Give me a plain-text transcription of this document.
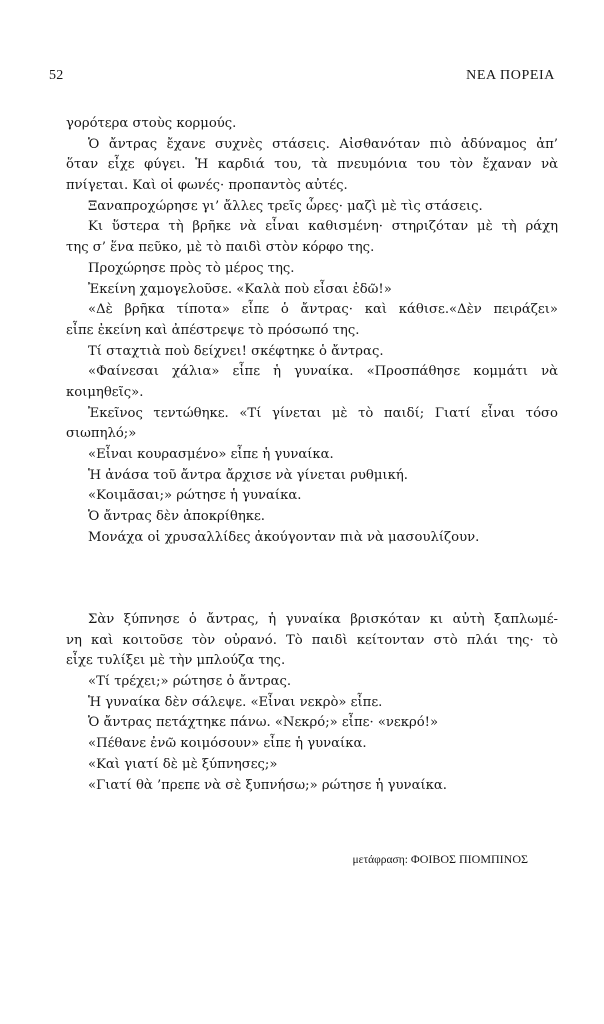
52	ΝΕΑ ΠΟΡΕΙΑ
γορότερα στοὺς κορμούς.
Ὁ ἄντρας ἔχανε συχνὲς στάσεις. Αἰσθανόταν πιὸ ἀδύναμος ἀπ’
ὅταν εἶχε φύγει. Ἡ καρδιά του, τὰ πνευμόνια του τὸν ἔχαναν νὰ
πνίγεται. Καὶ οἱ φωνές· προπαντὸς αὐτές.
Ξαναπροχώρησε γι’ ἄλλες τρεῖς ὧρες· μαζὶ μὲ τὶς στάσεις.
Κι ὕστερα τὴ βρῆκε νὰ εἶναι καθισμένη· στηριζόταν μὲ τὴ ράχη
της σ’ ἕνα πεῦκο, μὲ τὸ παιδὶ στὸν κόρφο της.
Προχώρησε πρὸς τὸ μέρος της.
Ἐκείνη χαμογελοῦσε. «Καλὰ ποὺ εἶσαι ἐδῶ!»
«Δὲ βρῆκα τίποτα» εἶπε ὁ ἄντρας· καὶ κάθισε.«Δὲν πειράζει»
εἶπε ἐκείνη καὶ ἀπέστρεψε τὸ πρόσωπό της.
Τί σταχτιὰ ποὺ δείχνει! σκέφτηκε ὁ ἄντρας.
«Φαίνεσαι χάλια» εἶπε ἡ γυναίκα. «Προσπάθησε κομμάτι νὰ
κοιμηθεῖς».
Ἐκεῖνος τεντώθηκε. «Τί γίνεται μὲ τὸ παιδί; Γιατί εἶναι τόσο
σιωπηλό;»
«Εἶναι κουρασμένο» εἶπε ἡ γυναίκα.
Ἡ ἀνάσα τοῦ ἄντρα ἄρχισε νὰ γίνεται ρυθμική.
«Κοιμᾶσαι;» ρώτησε ἡ γυναίκα.
Ὁ ἄντρας δὲν ἀποκρίθηκε.
Μονάχα οἱ χρυσαλλίδες ἀκούγονταν πιὰ νὰ μασουλίζουν.
Σὰν ξύπνησε ὁ ἄντρας, ἡ γυναίκα βρισκόταν κι αὐτὴ ξαπλωμέ-
νη καὶ κοιτοῦσε τὸν οὐρανό. Τὸ παιδὶ κείτονταν στὸ πλάι της· τὸ
εἶχε τυλίξει μὲ τὴν μπλούζα της.
«Τί τρέχει;» ρώτησε ὁ ἄντρας.
Ἡ γυναίκα δὲν σάλεψε. «Εἶναι νεκρὸ» εἶπε.
Ὁ ἄντρας πετάχτηκε πάνω. «Νεκρό;» εἶπε· «νεκρό!»
«Πέθανε ἐνῶ κοιμόσουν» εἶπε ἡ γυναίκα.
«Καὶ γιατί δὲ μὲ ξύπνησες;»
«Γιατί θὰ ’πρεπε νὰ σὲ ξυπνήσω;» ρώτησε ἡ γυναίκα.
μετάφραση: ΦΟΙΒΟΣ ΠΙΟΜΠΙΝΟΣ
